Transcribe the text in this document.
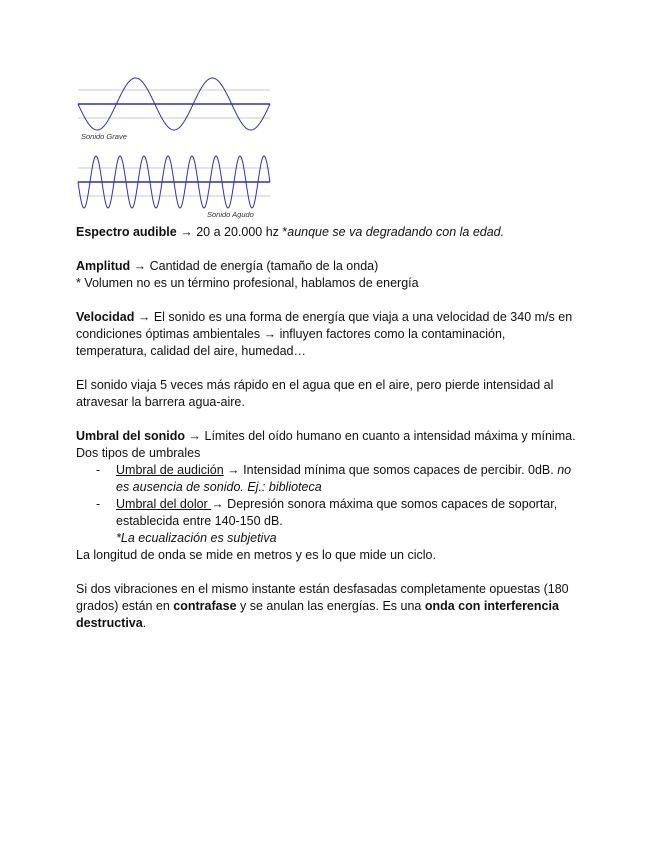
Sonido Grave
Sonido Agudo

Espectro audible → 20 a 20.000 hz *aunque se va degradando con la edad.

Amplitud → Cantidad de energía (tamaño de la onda)

* Volumen no es un término profesional, hablamos de energía

Velocidad → El sonido es una forma de energía que viaja a una velocidad de 340 m/s en condiciones óptimas ambientales → influyen factores como la contaminación, temperatura, calidad del aire, humedad…

El sonido viaja 5 veces más rápido en el agua que en el aire, pero pierde intensidad al atravesar la barrera agua-aire.

Umbral del sonido → Límites del oído humano en cuanto a intensidad máxima y mínima. Dos tipos de umbrales

- Umbral de audición → Intensidad mínima que somos capaces de percibir. 0dB. no es ausencia de sonido. Ej.: biblioteca
- Umbral del dolor → Depresión sonora máxima que somos capaces de soportar, establecida entre 140-150 dB.
*La ecualización es subjetiva

La longitud de onda se mide en metros y es lo que mide un ciclo.

Si dos vibraciones en el mismo instante están desfasadas completamente opuestas (180 grados) están en contrafase y se anulan las energías. Es una onda con interferencia destructiva.
